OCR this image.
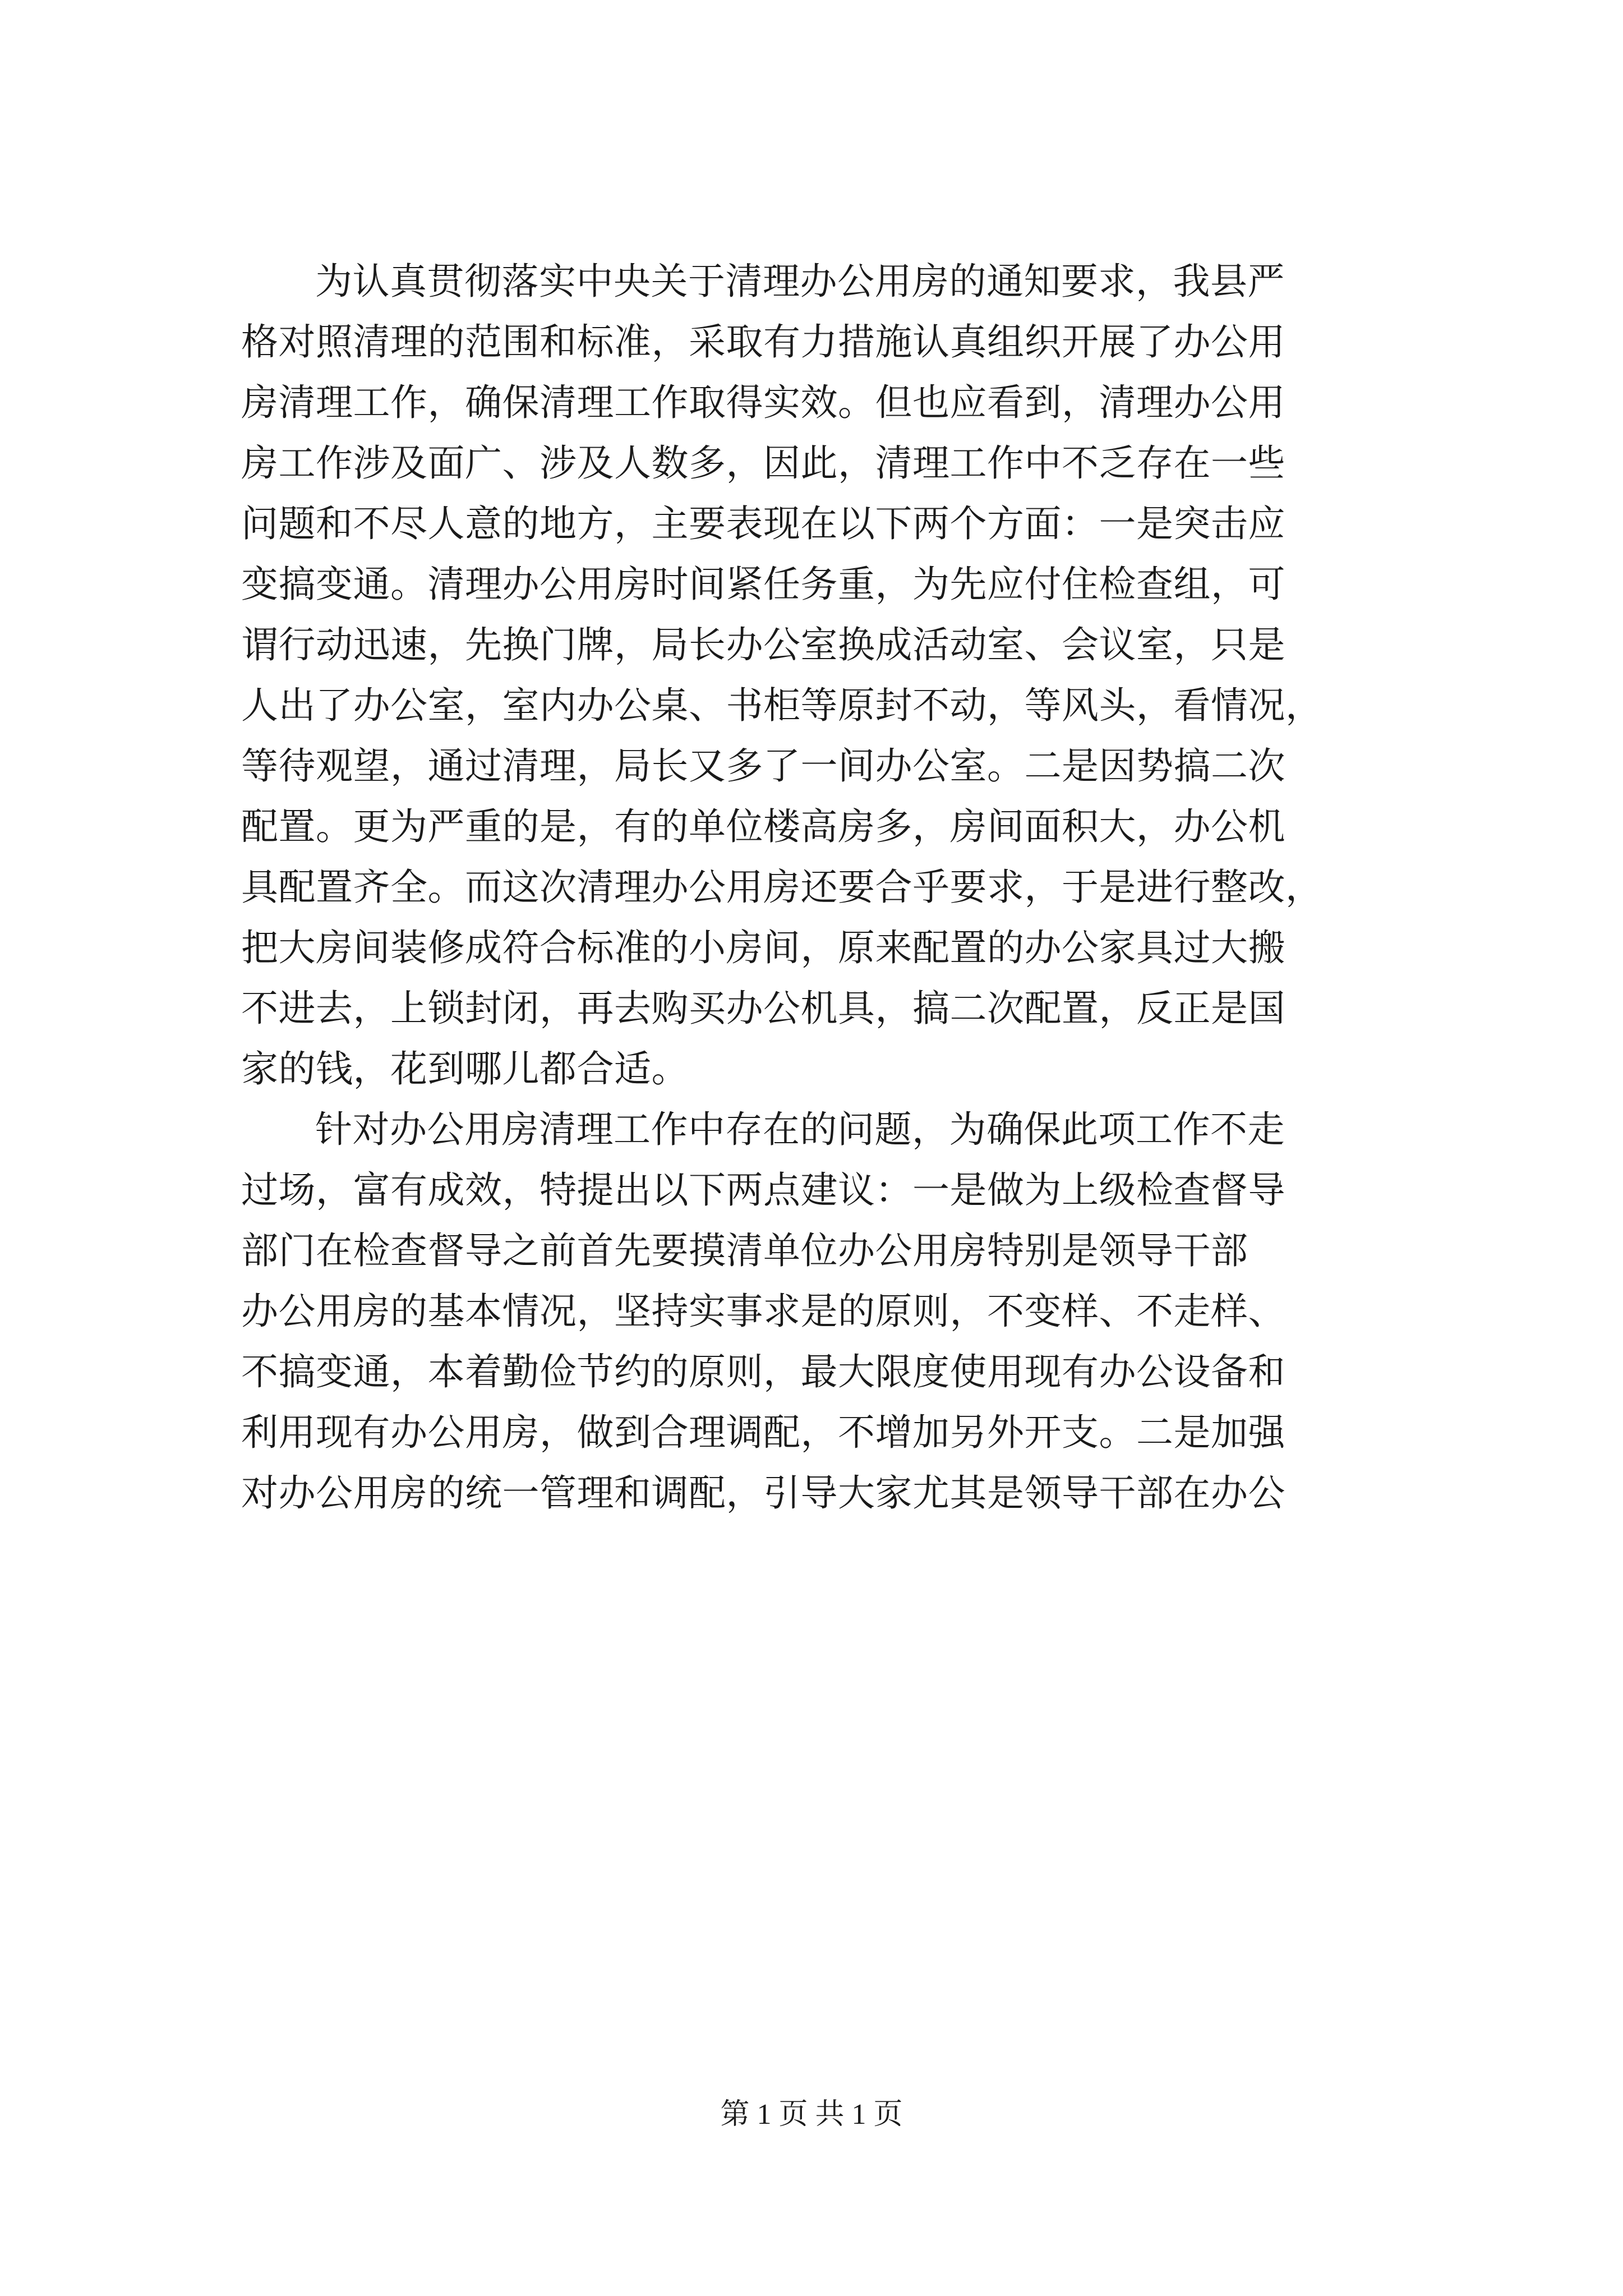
为认真贯彻落实中央关于清理办公用房的通知要求，我县严
格对照清理的范围和标准，采取有力措施认真组织开展了办公用
房清理工作，确保清理工作取得实效。但也应看到，清理办公用
房工作涉及面广、涉及人数多，因此，清理工作中不乏存在一些
问题和不尽人意的地方，主要表现在以下两个方面：一是突击应
变搞变通。清理办公用房时间紧任务重，为先应付住检查组，可
谓行动迅速，先换门牌，局长办公室换成活动室、会议室，只是
人出了办公室，室内办公桌、书柜等原封不动，等风头，看情况，
等待观望，通过清理，局长又多了一间办公室。二是因势搞二次
配置。更为严重的是，有的单位楼高房多，房间面积大，办公机
具配置齐全。而这次清理办公用房还要合乎要求，于是进行整改，
把大房间装修成符合标准的小房间，原来配置的办公家具过大搬
不进去，上锁封闭，再去购买办公机具，搞二次配置，反正是国
家的钱，花到哪儿都合适。
针对办公用房清理工作中存在的问题，为确保此项工作不走
过场，富有成效，特提出以下两点建议：一是做为上级检查督导
部门在检查督导之前首先要摸清单位办公用房特别是领导干部
办公用房的基本情况，坚持实事求是的原则，不变样、不走样、
不搞变通，本着勤俭节约的原则，最大限度使用现有办公设备和
利用现有办公用房，做到合理调配，不增加另外开支。二是加强
对办公用房的统一管理和调配，引导大家尤其是领导干部在办公
第 1 页 共 1 页
